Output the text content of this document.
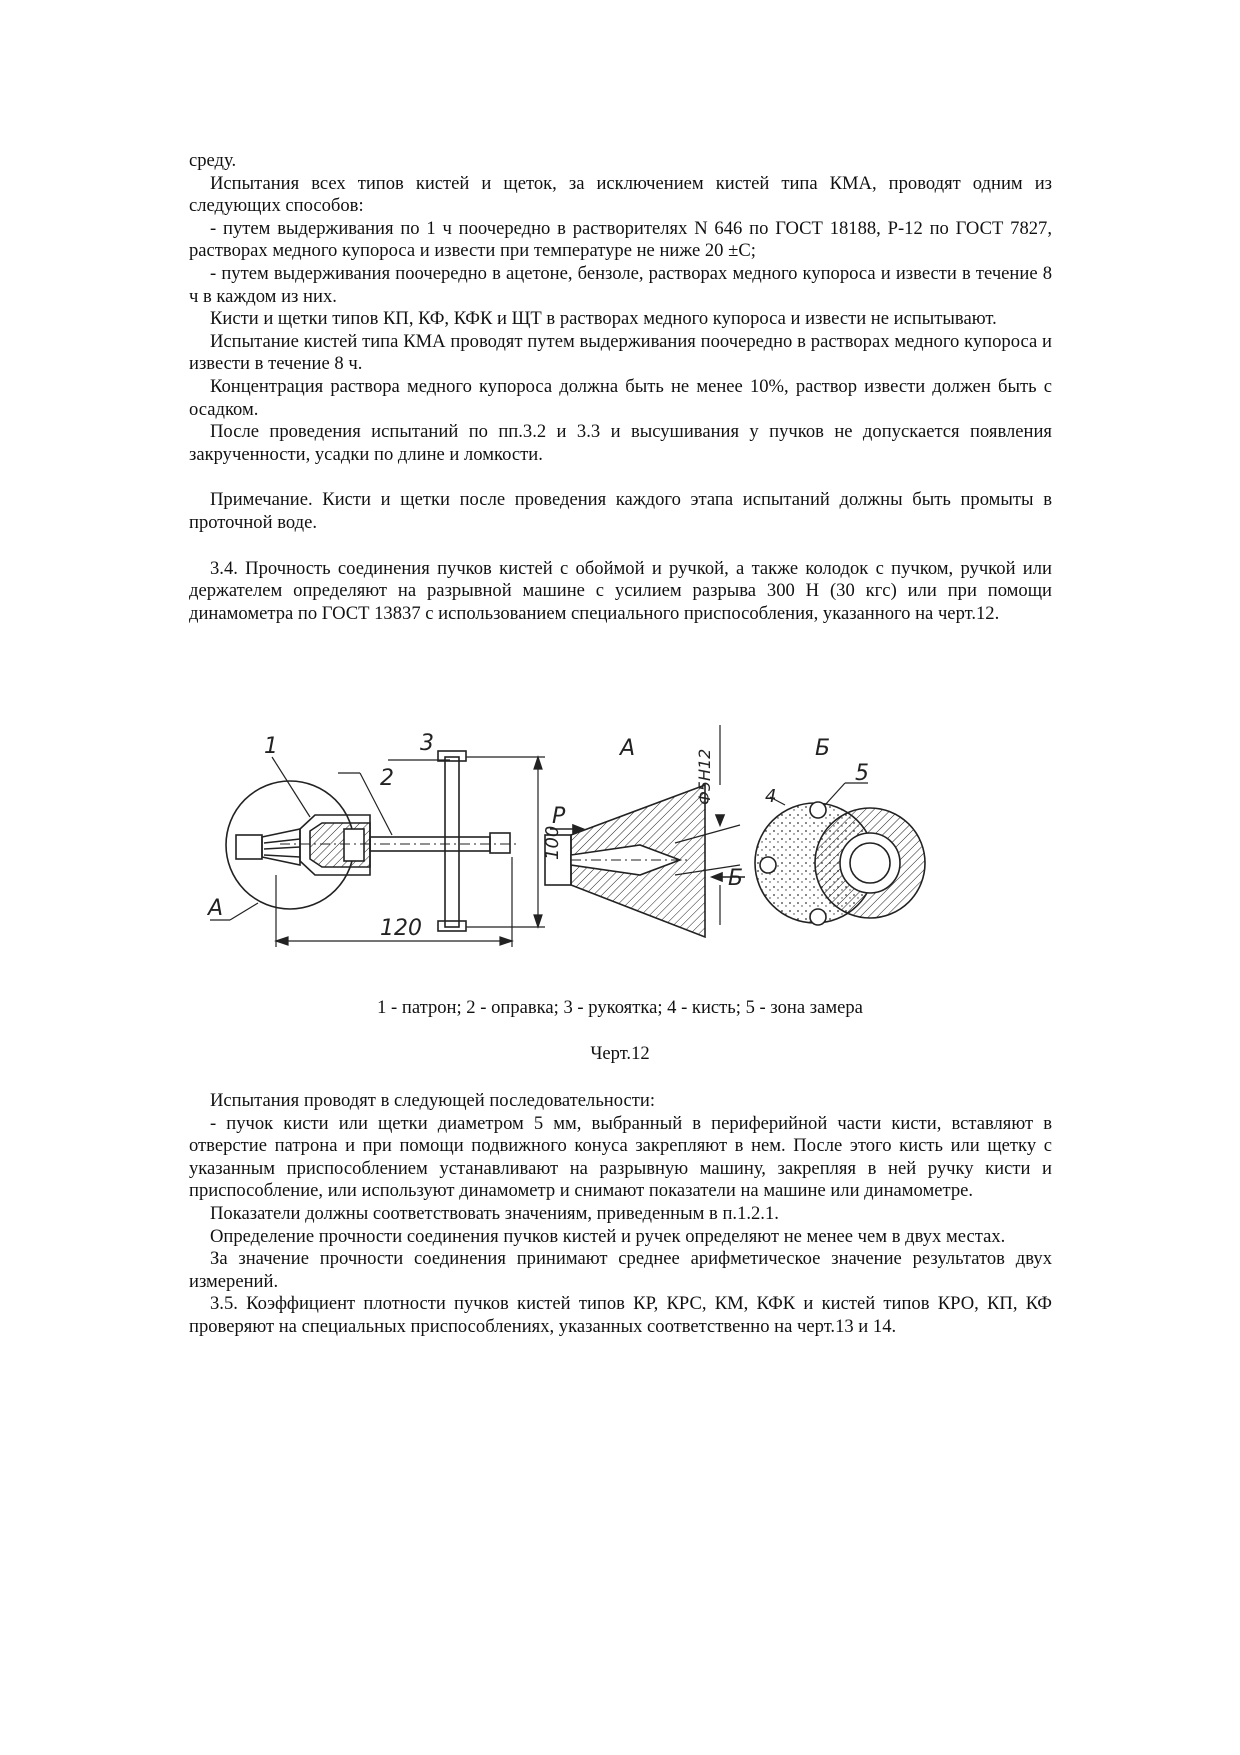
среду.

Испытания всех типов кистей и щеток, за исключением кистей типа КМА, проводят одним из следующих способов:

- путем выдерживания по 1 ч поочередно в растворителях N 646 по ГОСТ 18188, Р-12 по ГОСТ 7827, растворах медного купороса и извести при температуре не ниже 20 ±С;

- путем выдерживания поочередно в ацетоне, бензоле, растворах медного купороса и извести в течение 8 ч в каждом из них.

Кисти и щетки типов КП, КФ, КФК и ЩТ в растворах медного купороса и извести не испытывают.

Испытание кистей типа КМА проводят путем выдерживания поочередно в растворах медного купороса и извести в течение 8 ч.

Концентрация раствора медного купороса должна быть не менее 10%, раствор извести должен быть с осадком.

После проведения испытаний по пп.3.2 и 3.3 и высушивания у пучков не допускается появления закрученности, усадки по длине и ломкости.

Примечание. Кисти и щетки после проведения каждого этапа испытаний должны быть промыты в проточной воде.

3.4. Прочность соединения пучков кистей с обоймой и ручкой, а также колодок с пучком, ручкой или держателем определяют на разрывной машине с усилием разрыва 300 Н (30 кгс) или при помощи динамометра по ГОСТ 13837 с использованием специального приспособления, указанного на черт.12.

1	3
2
А
А	Б
4
5
Б
P
120
100
Ф5Н12
1 - патрон; 2 - оправка; 3 - рукоятка; 4 - кисть; 5 - зона замера
Черт.12

Испытания проводят в следующей последовательности:

- пучок кисти или щетки диаметром 5 мм, выбранный в периферийной части кисти, вставляют в отверстие патрона и при помощи подвижного конуса закрепляют в нем. После этого кисть или щетку с указанным приспособлением устанавливают на разрывную машину, закрепляя в ней ручку кисти и приспособление, или используют динамометр и снимают показатели на машине или динамометре.

Показатели должны соответствовать значениям, приведенным в п.1.2.1.

Определение прочности соединения пучков кистей и ручек определяют не менее чем в двух местах.

За значение прочности соединения принимают среднее арифметическое значение результатов двух измерений.

3.5. Коэффициент плотности пучков кистей типов КР, КРС, КМ, КФК и кистей типов КРО, КП, КФ проверяют на специальных приспособлениях, указанных соответственно на черт.13 и 14.
